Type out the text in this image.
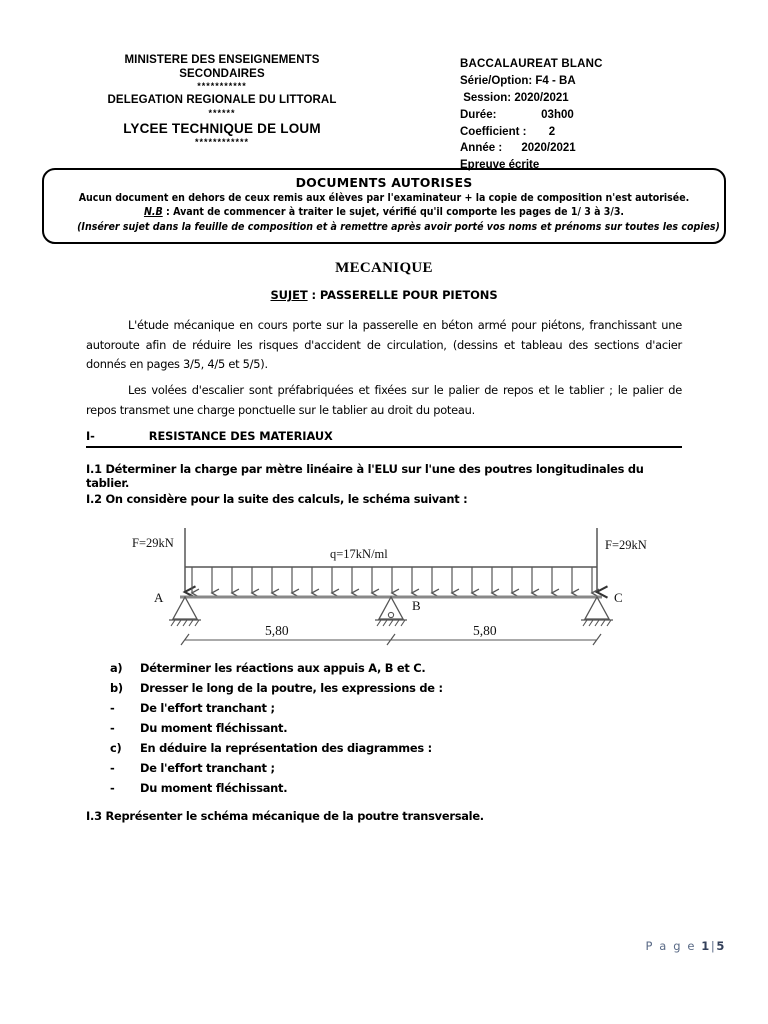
MINISTERE DES ENSEIGNEMENTS
SECONDAIRES
***********
DELEGATION REGIONALE DU LITTORAL
******
LYCEE TECHNIQUE DE LOUM
************
BACCALAUREAT BLANC
Série/Option: F4 - BA
Session: 2020/2021
Durée:              03h00
Coefficient :       2
Année :      2020/2021
Epreuve écrite
DOCUMENTS AUTORISES
Aucun document en dehors de ceux remis aux élèves par l'examinateur + la copie de composition n'est autorisée.
N.B : Avant de commencer à traiter le sujet, vérifié qu'il comporte les pages de 1/ 3 à 3/3.
(Insérer sujet dans la feuille de composition et à remettre après avoir porté vos noms et prénoms sur toutes les copies)
MECANIQUE
SUJET : PASSERELLE POUR PIETONS
L'étude mécanique en cours porte sur la passerelle en béton armé pour piétons, franchissant une autoroute afin de réduire les risques d'accident de circulation, (dessins et tableau des sections d'acier donnés en pages 3/5, 4/5 et 5/5).
Les volées d'escalier sont préfabriquées et fixées sur le palier de repos et le tablier ; le palier de repos transmet une charge ponctuelle sur le tablier au droit du poteau.
I-	RESISTANCE DES MATERIAUX
I.1 Déterminer la charge par mètre linéaire à l'ELU sur l'une des poutres longitudinales du tablier.
I.2 On considère pour la suite des calculs, le schéma suivant :
F=29kN	F=29kN
q=17kN/ml
A
B
C
5,80	5,80
a)	Déterminer les réactions aux appuis A, B et C.
b)	Dresser le long de la poutre, les expressions de :
-	De l'effort tranchant ;
-	Du moment fléchissant.
c)	En déduire la représentation des diagrammes :
-	De l'effort tranchant ;
-	Du moment fléchissant.
I.3 Représenter le schéma mécanique de la poutre transversale.
P a g e 1|5
